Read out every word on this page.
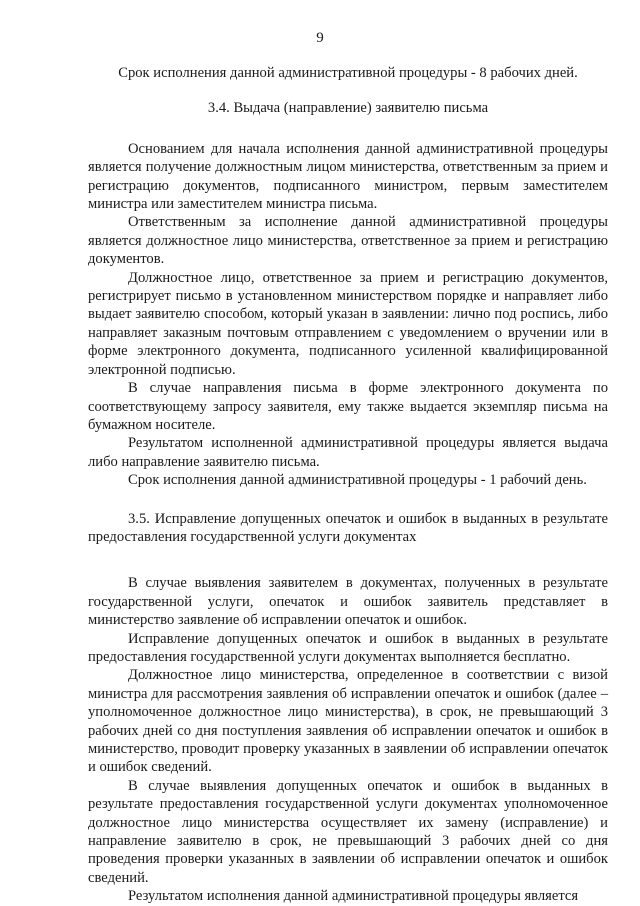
9

Срок исполнения данной административной процедуры - 8 рабочих дней.

3.4. Выдача (направление) заявителю письма

Основанием для начала исполнения данной административной процедуры является получение должностным лицом министерства, ответственным за прием и регистрацию документов, подписанного министром, первым заместителем министра или заместителем министра письма.

Ответственным за исполнение данной административной процедуры является должностное лицо министерства, ответственное за прием и регистрацию документов.

Должностное лицо, ответственное за прием и регистрацию документов, регистрирует письмо в установленном министерством порядке и направляет либо выдает заявителю способом, который указан в заявлении: лично под роспись, либо направляет заказным почтовым отправлением с уведомлением о вручении или в форме электронного документа, подписанного усиленной квалифицированной электронной подписью.

В случае направления письма в форме электронного документа по соответствующему запросу заявителя, ему также выдается экземпляр письма на бумажном носителе.

Результатом исполненной административной процедуры является выдача либо направление заявителю письма.

Срок исполнения данной административной процедуры - 1 рабочий день.

3.5. Исправление допущенных опечаток и ошибок в выданных в результате предоставления государственной услуги документах

В случае выявления заявителем в документах, полученных в результате государственной услуги, опечаток и ошибок заявитель представляет в министерство заявление об исправлении опечаток и ошибок.

Исправление допущенных опечаток и ошибок в выданных в результате предоставления государственной услуги документах выполняется бесплатно.

Должностное лицо министерства, определенное в соответствии с визой министра для рассмотрения заявления об исправлении опечаток и ошибок (далее – уполномоченное должностное лицо министерства), в срок, не превышающий 3 рабочих дней со дня поступления заявления об исправлении опечаток и ошибок в министерство, проводит проверку указанных в заявлении об исправлении опечаток и ошибок сведений.

В случае выявления допущенных опечаток и ошибок в выданных в результате предоставления государственной услуги документах уполномоченное должностное лицо министерства осуществляет их замену (исправление) и направление заявителю в срок, не превышающий 3 рабочих дней со дня проведения проверки указанных в заявлении об исправлении опечаток и ошибок сведений.

Результатом исполнения данной административной процедуры является
